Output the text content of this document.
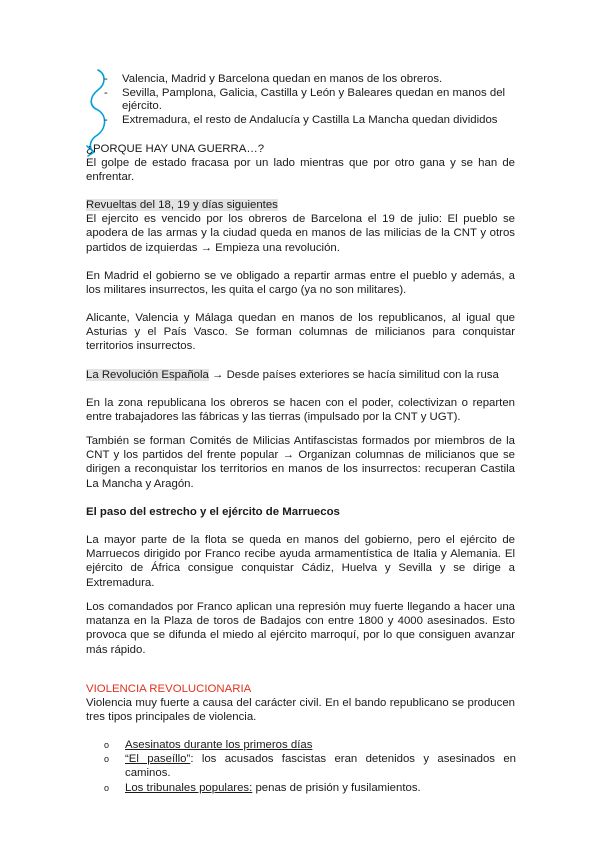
- Valencia, Madrid y Barcelona quedan en manos de los obreros.
- Sevilla, Pamplona, Galicia, Castilla y León y Baleares quedan en manos del ejército.
- Extremadura, el resto de Andalucía y Castilla La Mancha quedan divididos

¿PORQUE HAY UNA GUERRA…?

El golpe de estado fracasa por un lado mientras que por otro gana y se han de enfrentar.

Revueltas del 18, 19 y días siguientes

El ejercito es vencido por los obreros de Barcelona el 19 de julio: El pueblo se apodera de las armas y la ciudad queda en manos de las milicias de la CNT y otros partidos de izquierdas → Empieza una revolución.

En Madrid el gobierno se ve obligado a repartir armas entre el pueblo y además, a los militares insurrectos, les quita el cargo (ya no son militares).

Alicante, Valencia y Málaga quedan en manos de los republicanos, al igual que Asturias y el País Vasco. Se forman columnas de milicianos para conquistar territorios insurrectos.

La Revolución Española → Desde países exteriores se hacía similitud con la rusa

En la zona republicana los obreros se hacen con el poder, colectivizan o reparten entre trabajadores las fábricas y las tierras (impulsado por la CNT y UGT).

También se forman Comités de Milicias Antifascistas formados por miembros de la CNT y los partidos del frente popular → Organizan columnas de milicianos que se dirigen a reconquistar los territorios en manos de los insurrectos: recuperan Castila La Mancha y Aragón.

El paso del estrecho y el ejército de Marruecos

La mayor parte de la flota se queda en manos del gobierno, pero el ejército de Marruecos dirigido por Franco recibe ayuda armamentística de Italia y Alemania. El ejército de África consigue conquistar Cádiz, Huelva y Sevilla y se dirige a Extremadura.

Los comandados por Franco aplican una represión muy fuerte llegando a hacer una matanza en la Plaza de toros de Badajos con entre 1800 y 4000 asesinados. Esto provoca que se difunda el miedo al ejército marroquí, por lo que consiguen avanzar más rápido.

VIOLENCIA REVOLUCIONARIA

Violencia muy fuerte a causa del carácter civil. En el bando republicano se producen tres tipos principales de violencia.

o Asesinatos durante los primeros días
o “El paseíllo”: los acusados fascistas eran detenidos y asesinados en caminos.
o Los tribunales populares: penas de prisión y fusilamientos.
